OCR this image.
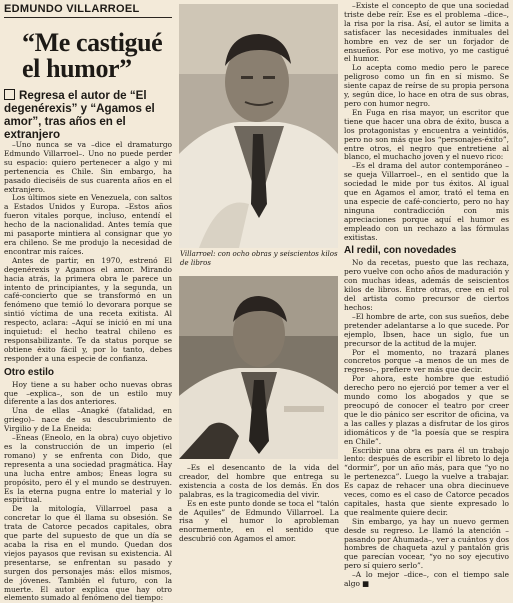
EDMUNDO VILLARROEL
“Me castigué el humor”
Regresa el autor de “El degenérexis” y “Agamos el amor”, tras años en el extranjero

–Uno nunca se va –dice el dramaturgo Edmundo Villarroel–. Uno no puede perder su espacio: quiero pertenecer a algo y mi pertenencia es Chile. Sin embargo, ha pasado dieciséis de sus cuarenta años en el extranjero.

Los últimos siete en Venezuela, con saltos a Estados Unidos y Europa. –Estos años fueron vitales porque, incluso, entendí el hecho de la nacionalidad. Antes temía que mi pasaporte mintiera al consignar que yo era chileno. Se me produjo la necesidad de encontrar mis raíces.

Antes de partir, en 1970, estrenó El degenérexis y Agamos el amor. Mirando hacia atrás, la primera obra le parece un intento de principiantes, y la segunda, un café-concierto que se transformó en un fenómeno que temió lo devorara porque se sintió víctima de una receta exitista. Al respecto, aclara: –Aquí se inició en mí una inquietud: el hecho teatral chileno es responsabilizante. Te da status porque se obtiene éxito fácil y, por lo tanto, debes responder a una especie de confianza.

Otro estilo

Hoy tiene a su haber ocho nuevas obras que –explica–, son de un estilo muy diferente a las dos anteriores.

Una de ellas –Anagké (fatalidad, en griego)– nace de su descubrimiento de Virgilio y de La Eneida:

–Eneas (Eneolo, en la obra) cuyo objetivo es la construcción de un imperio (el romano) y se enfrenta con Dido, que representa a una sociedad pragmática. Hay una lucha entre ambos; Eneas logra su propósito, pero él y el mundo se destruyen. Es la eterna pugna entre lo material y lo espiritual.

De la mitología, Villarroel pasa a concretar lo que él llama su obsesión. Se trata de Catorce pecados capitales, obra que parte del supuesto de que un día se acaba la risa en el mundo. Quedan dos viejos payasos que revisan su existencia. Al presentarse, se enfrentan su pasado y surgen dos personajes más: ellos mismos, de jóvenes. También el futuro, con la muerte. El autor explica que hay otro elemento sumado al fenómeno del tiempo:

Villarroel: con ocho obras y seiscientos kilos de libros

–Es el desencanto de la vida del creador, del hombre que entrega su existencia a costa de los demás. En dos palabras, es la tragicomedia del vivir.

Es en este punto donde se toca el “talón de Aquiles” de Edmundo Villarroel. La risa y el humor lo aprobleman enormemente, en el sentido que descubrió con Agamos el amor.

–Existe el concepto de que una sociedad triste debe reír. Ese es el problema –dice–, la risa por la risa. Así, el autor se limita a satisfacer las necesidades inmituales del hombre en vez de ser un forjador de ensueños. Por ese motivo, yo me castigué el humor.

Lo acepta como medio pero le parece peligroso como un fin en sí mismo. Se siente capaz de reírse de su propia persona y, según dice, lo hace en otra de sus obras, pero con humor negro.

En Fuga en risa mayor, un escritor que tiene que hacer una obra de éxito, busca a los protagonistas y encuentra a veintidós, pero no son más que los “personajes-éxito”, entre otros, el negro que entretiene al blanco, el muchacho joven y el nuevo rico:

–Es el drama del autor contemporáneo –se queja Villarroel–, en el sentido que la sociedad le mide por tus éxitos. Al igual que en Agamos el amor, trató el tema en una especie de café-concierto, pero no hay ninguna contradicción con mis apreciaciones porque aquí el humor es empleado con un rechazo a las fórmulas exitistas.

Al redil, con novedades

No da recetas, puesto que las rechaza, pero vuelve con ocho años de maduración y con muchas ideas, además de seiscientos kilos de libros. Entre otras, cree en el rol del artista como precursor de ciertos hechos:

–El hombre de arte, con sus sueños, debe pretender adelantarse a lo que sucede. Por ejemplo, Ibsen, hace un siglo, fue un precursor de la actitud de la mujer.

Por el momento, no trazará planes concretos porque –a menos de un mes de regreso–, prefiere ver más que decir.

Por ahora, este hombre que estudió derecho pero no ejerció por temer a ver el mundo como los abogados y que se preocupó de conocer el teatro por creer que le dio pánico ser escritor de oficina, va a las calles y plazas a disfrutar de los giros idiomáticos y de “la poesía que se respira en Chile”.

Escribir una obra es para él un trabajo lento: después de escribir el libreto lo deja “dormir”, por un año más, para que “yo no le pertenezca”. Luego la vuelve a trabajar. Es capaz de rehacer una obra diecinueve veces, como es el caso de Catorce pecados capitales, hasta que siente expresado lo que realmente quiere decir.

Sin embargo, ya hay un nuevo germen desde su regreso. Le llamó la atención –pasando por Ahumada–, ver a cuántos y dos hombres de chaqueta azul y pantalón gris que parecían vocear, “yo no soy ejecutivo pero sí quiero serlo”.

–A lo mejor –dice–, con el tiempo sale algo ■
